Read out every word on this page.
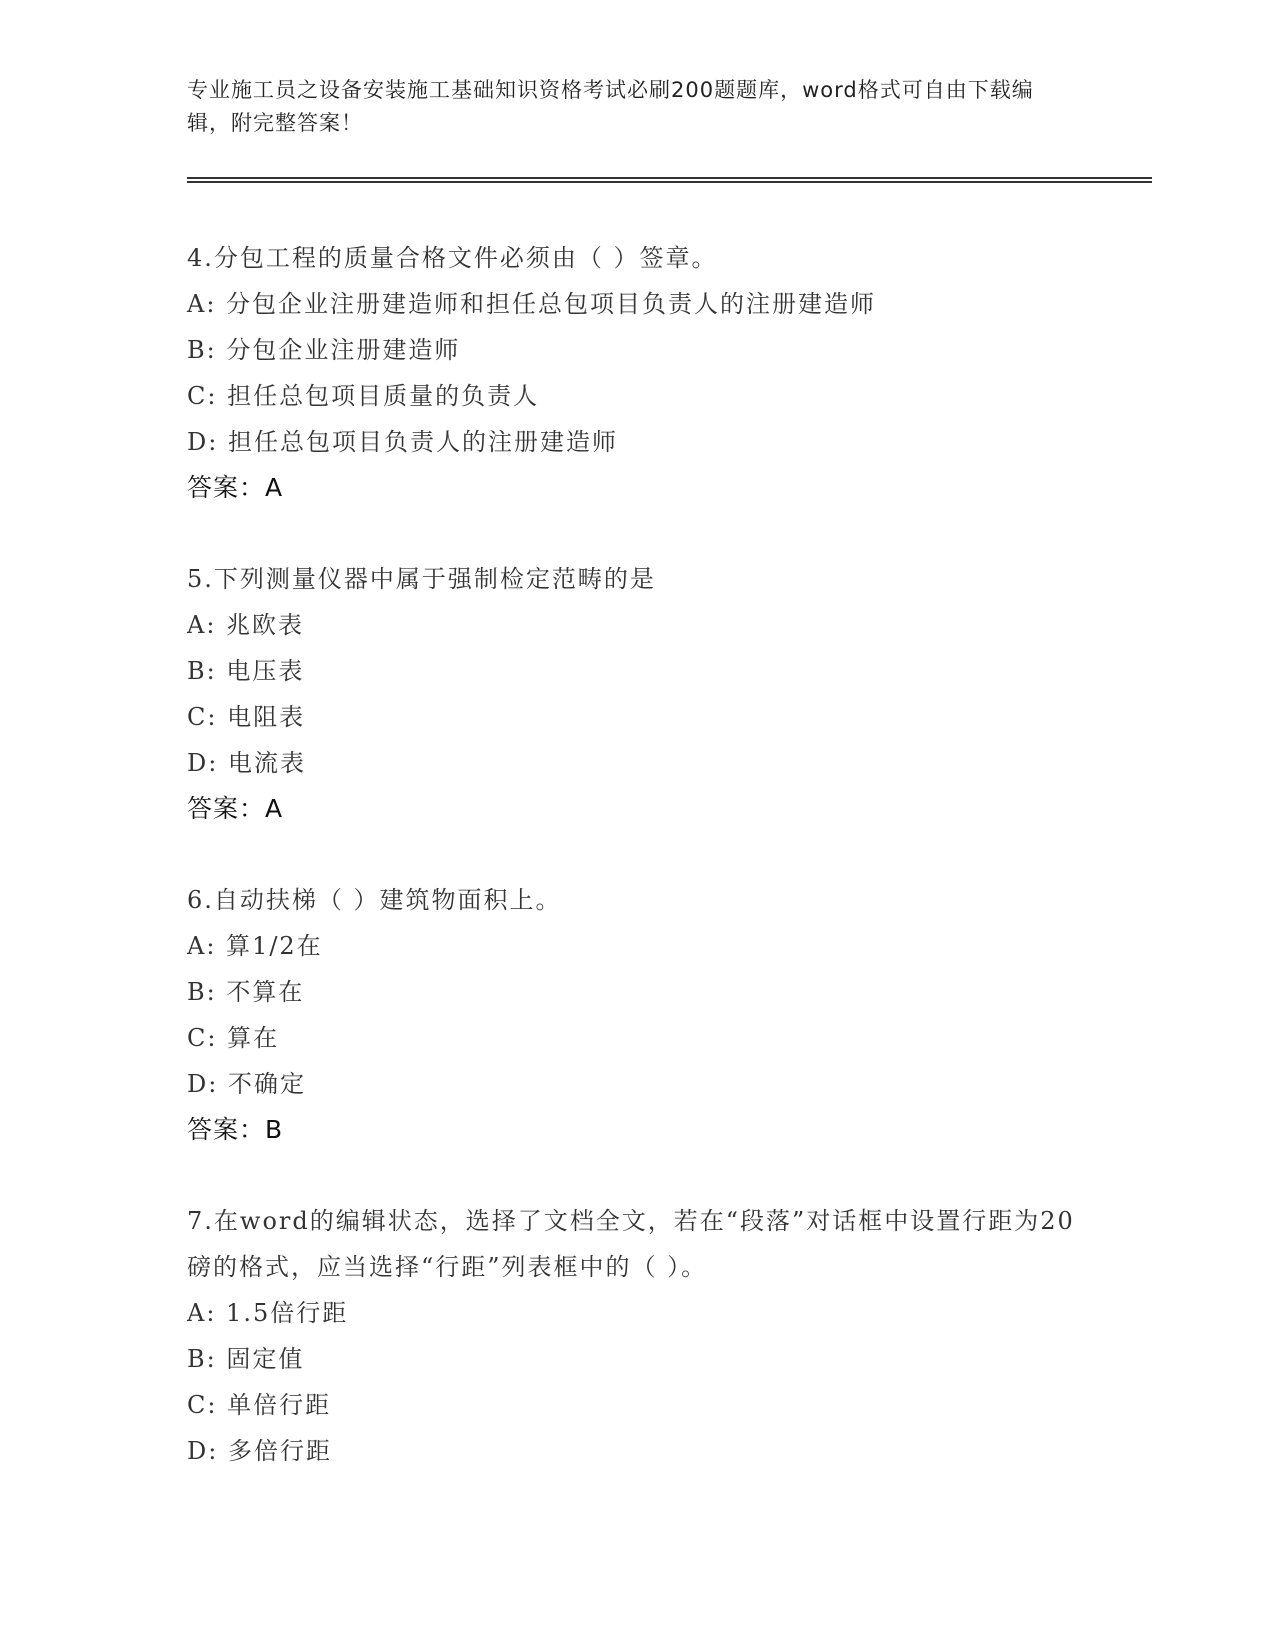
专业施工员之设备安装施工基础知识资格考试必刷200题题库，word格式可自由下载编辑，附完整答案！
4.分包工程的质量合格文件必须由（ ）签章。
A: 分包企业注册建造师和担任总包项目负责人的注册建造师
B: 分包企业注册建造师
C: 担任总包项目质量的负责人
D: 担任总包项目负责人的注册建造师
答案：A
5.下列测量仪器中属于强制检定范畴的是
A: 兆欧表
B: 电压表
C: 电阻表
D: 电流表
答案：A
6.自动扶梯（ ）建筑物面积上。
A: 算1/2在
B: 不算在
C: 算在
D: 不确定
答案：B
7.在word的编辑状态，选择了文档全文，若在“段落”对话框中设置行距为20磅的格式，应当选择“行距”列表框中的（ ）。
A: 1.5倍行距
B: 固定值
C: 单倍行距
D: 多倍行距
